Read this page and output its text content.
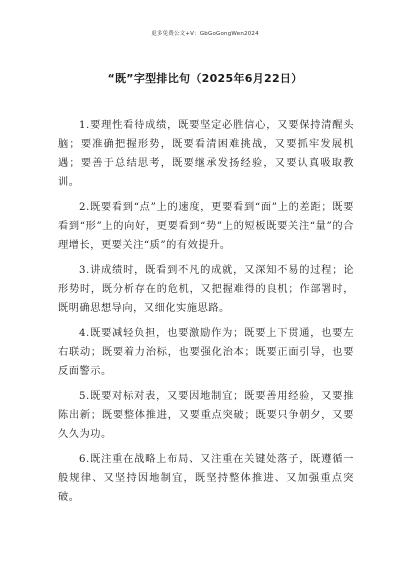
更多免费公文+V：GbGoGongWen2024
“既”字型排比句（2025年6月22日）

1.要理性看待成绩，既要坚定必胜信心，又要保持清醒头脑；要准确把握形势，既要看清困难挑战，又要抓牢发展机遇；要善于总结思考，既要继承发扬经验，又要认真吸取教训。

2.既要看到“点”上的速度，更要看到“面”上的差距；既要看到“形”上的向好，更要看到“势”上的短板既要关注“量”的合理增长，更要关注“质”的有效提升。

3.讲成绩时，既看到不凡的成就，又深知不易的过程；论形势时，既分析存在的危机，又把握难得的良机；作部署时，既明确思想导向，又细化实施思路。

4.既要减轻负担，也要激励作为；既要上下贯通，也要左右联动；既要着力治标，也要强化治本；既要正面引导，也要反面警示。

5.既要对标对表，又要因地制宜；既要善用经验，又要推陈出新；既要整体推进，又要重点突破；既要只争朝夕，又要久久为功。

6.既注重在战略上布局、又注重在关键处落子，既遵循一般规律、又坚持因地制宜，既坚持整体推进、又加强重点突破。
